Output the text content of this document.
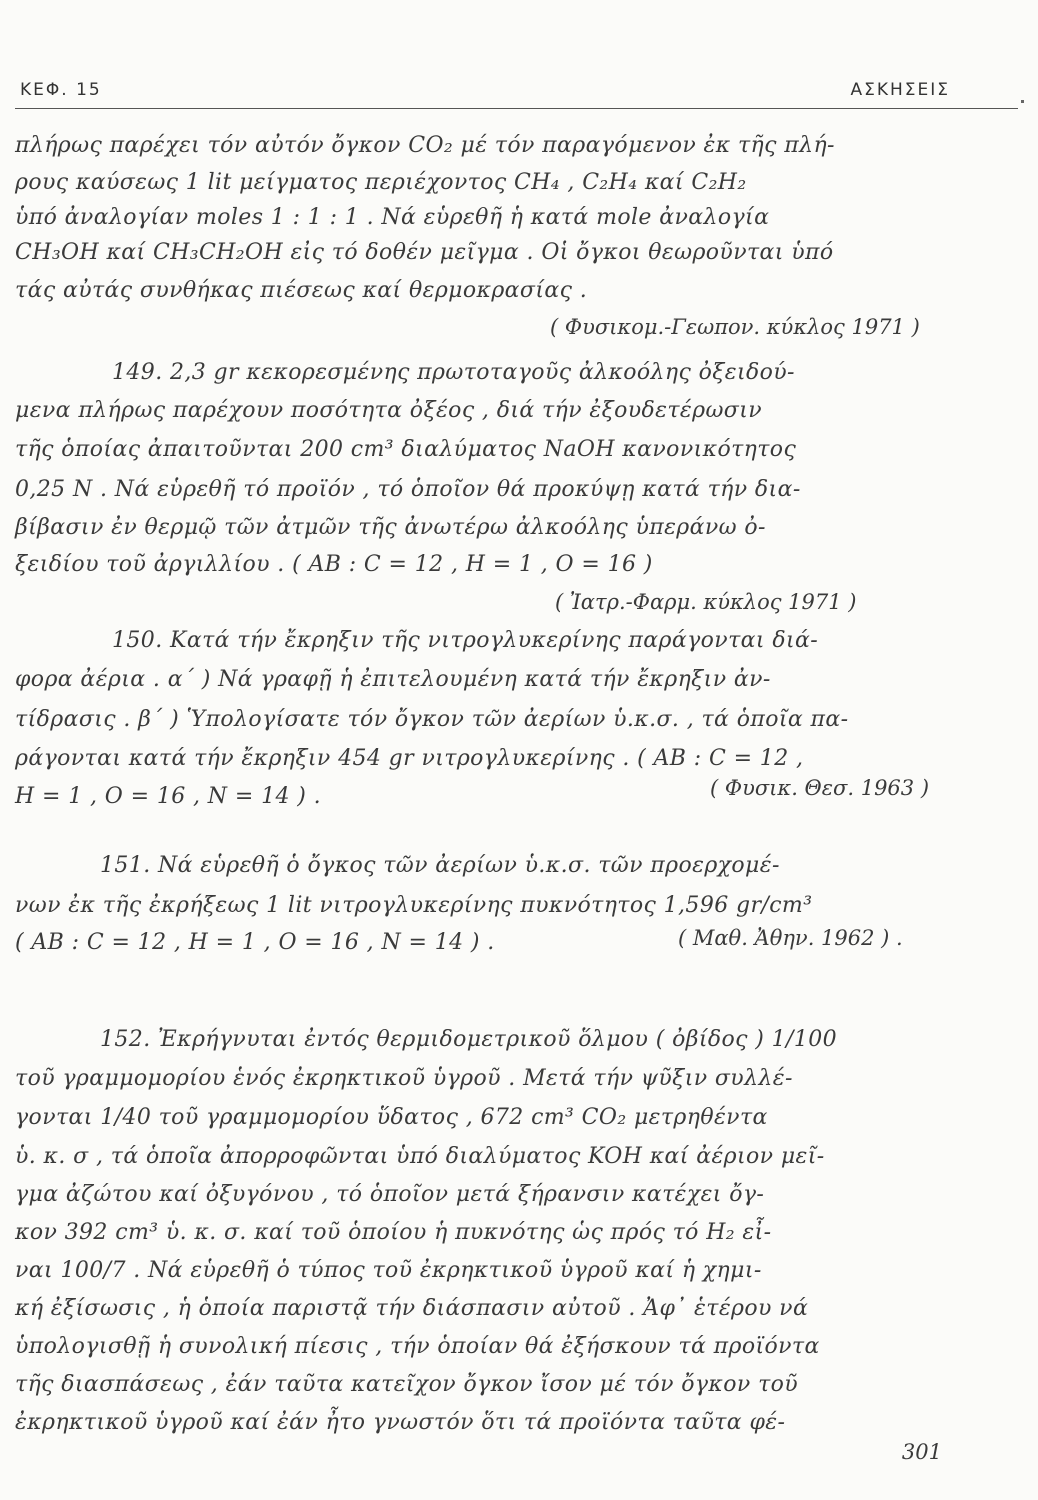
ΚΕΦ. 15	ΑΣΚΗΣΕΙΣ
πλήρως παρέχει τόν αὐτόν ὄγκον CO₂ μέ τόν παραγόμενον ἐκ τῆς πλή-
ρους καύσεως 1 lit μείγματος περιέχοντος CH₄ , C₂H₄ καί C₂H₂
ὑπό ἀναλογίαν moles 1 : 1 : 1 . Νά εὑρεθῆ ἡ κατά mole ἀναλογία
CH₃OH καί CH₃CH₂OH εἰς τό δοθέν μεῖγμα . Οἱ ὄγκοι θεωροῦνται ὑπό
τάς αὐτάς συνθήκας πιέσεως καί θερμοκρασίας .
( Φυσικομ.-Γεωπον. κύκλος 1971 )
149. 2,3 gr κεκορεσμένης πρωτοταγοῦς ἀλκοόλης ὀξειδού-
μενα πλήρως παρέχουν ποσότητα ὀξέος , διά τήν ἐξουδετέρωσιν
τῆς ὁποίας ἀπαιτοῦνται 200 cm³ διαλύματος NaOH κανονικότητος
0,25 N . Νά εὑρεθῆ τό προϊόν , τό ὁποῖον θά προκύψῃ κατά τήν δια-
βίβασιν ἐν θερμῷ τῶν ἀτμῶν τῆς ἀνωτέρω ἀλκοόλης ὑπεράνω ὀ-
ξειδίου τοῦ ἀργιλλίου . ( ΑΒ : C = 12 , H = 1 , O = 16 )
( Ἰατρ.-Φαρμ. κύκλος 1971 )
150. Κατά τήν ἔκρηξιν τῆς νιτρογλυκερίνης παράγονται διά-
φορα ἀέρια . α΄ ) Νά γραφῇ ἡ ἐπιτελουμένη κατά τήν ἔκρηξιν ἀν-
τίδρασις . β΄ ) Ὑπολογίσατε τόν ὄγκον τῶν ἀερίων ὑ.κ.σ. , τά ὁποῖα πα-
ράγονται κατά τήν ἔκρηξιν 454 gr νιτρογλυκερίνης . ( ΑΒ : C = 12 ,
H = 1 , O = 16 , N = 14 ) .	( Φυσικ. Θεσ. 1963 )
151. Νά εὑρεθῆ ὁ ὄγκος τῶν ἀερίων ὑ.κ.σ. τῶν προερχομέ-
νων ἐκ τῆς ἐκρήξεως 1 lit νιτρογλυκερίνης πυκνότητος 1,596 gr/cm³
( ΑΒ : C = 12 , H = 1 , O = 16 , N = 14 ) .	( Μαθ. Ἀθην. 1962 ) .
152. Ἐκρήγνυται ἐντός θερμιδομετρικοῦ ὅλμου ( ὀβίδος ) 1/100
τοῦ γραμμομορίου ἑνός ἐκρηκτικοῦ ὑγροῦ . Μετά τήν ψῦξιν συλλέ-
γονται 1/40 τοῦ γραμμομορίου ὕδατος , 672 cm³ CO₂ μετρηθέντα
ὑ. κ. σ , τά ὁποῖα ἀπορροφῶνται ὑπό διαλύματος KOH καί ἀέριον μεῖ-
γμα ἀζώτου καί ὀξυγόνου , τό ὁποῖον μετά ξήρανσιν κατέχει ὄγ-
κον 392 cm³ ὑ. κ. σ. καί τοῦ ὁποίου ἡ πυκνότης ὡς πρός τό H₂ εἶ-
ναι 100/7 . Νά εὑρεθῆ ὁ τύπος τοῦ ἐκρηκτικοῦ ὑγροῦ καί ἡ χημι-
κή ἐξίσωσις , ἡ ὁποία παριστᾷ τήν διάσπασιν αὐτοῦ . Ἀφ᾽ ἑτέρου νά
ὑπολογισθῇ ἡ συνολική πίεσις , τήν ὁποίαν θά ἐξήσκουν τά προϊόντα
τῆς διασπάσεως , ἐάν ταῦτα κατεῖχον ὄγκον ἴσον μέ τόν ὄγκον τοῦ
ἐκρηκτικοῦ ὑγροῦ καί ἐάν ἦτο γνωστόν ὅτι τά προϊόντα ταῦτα φέ-
301
